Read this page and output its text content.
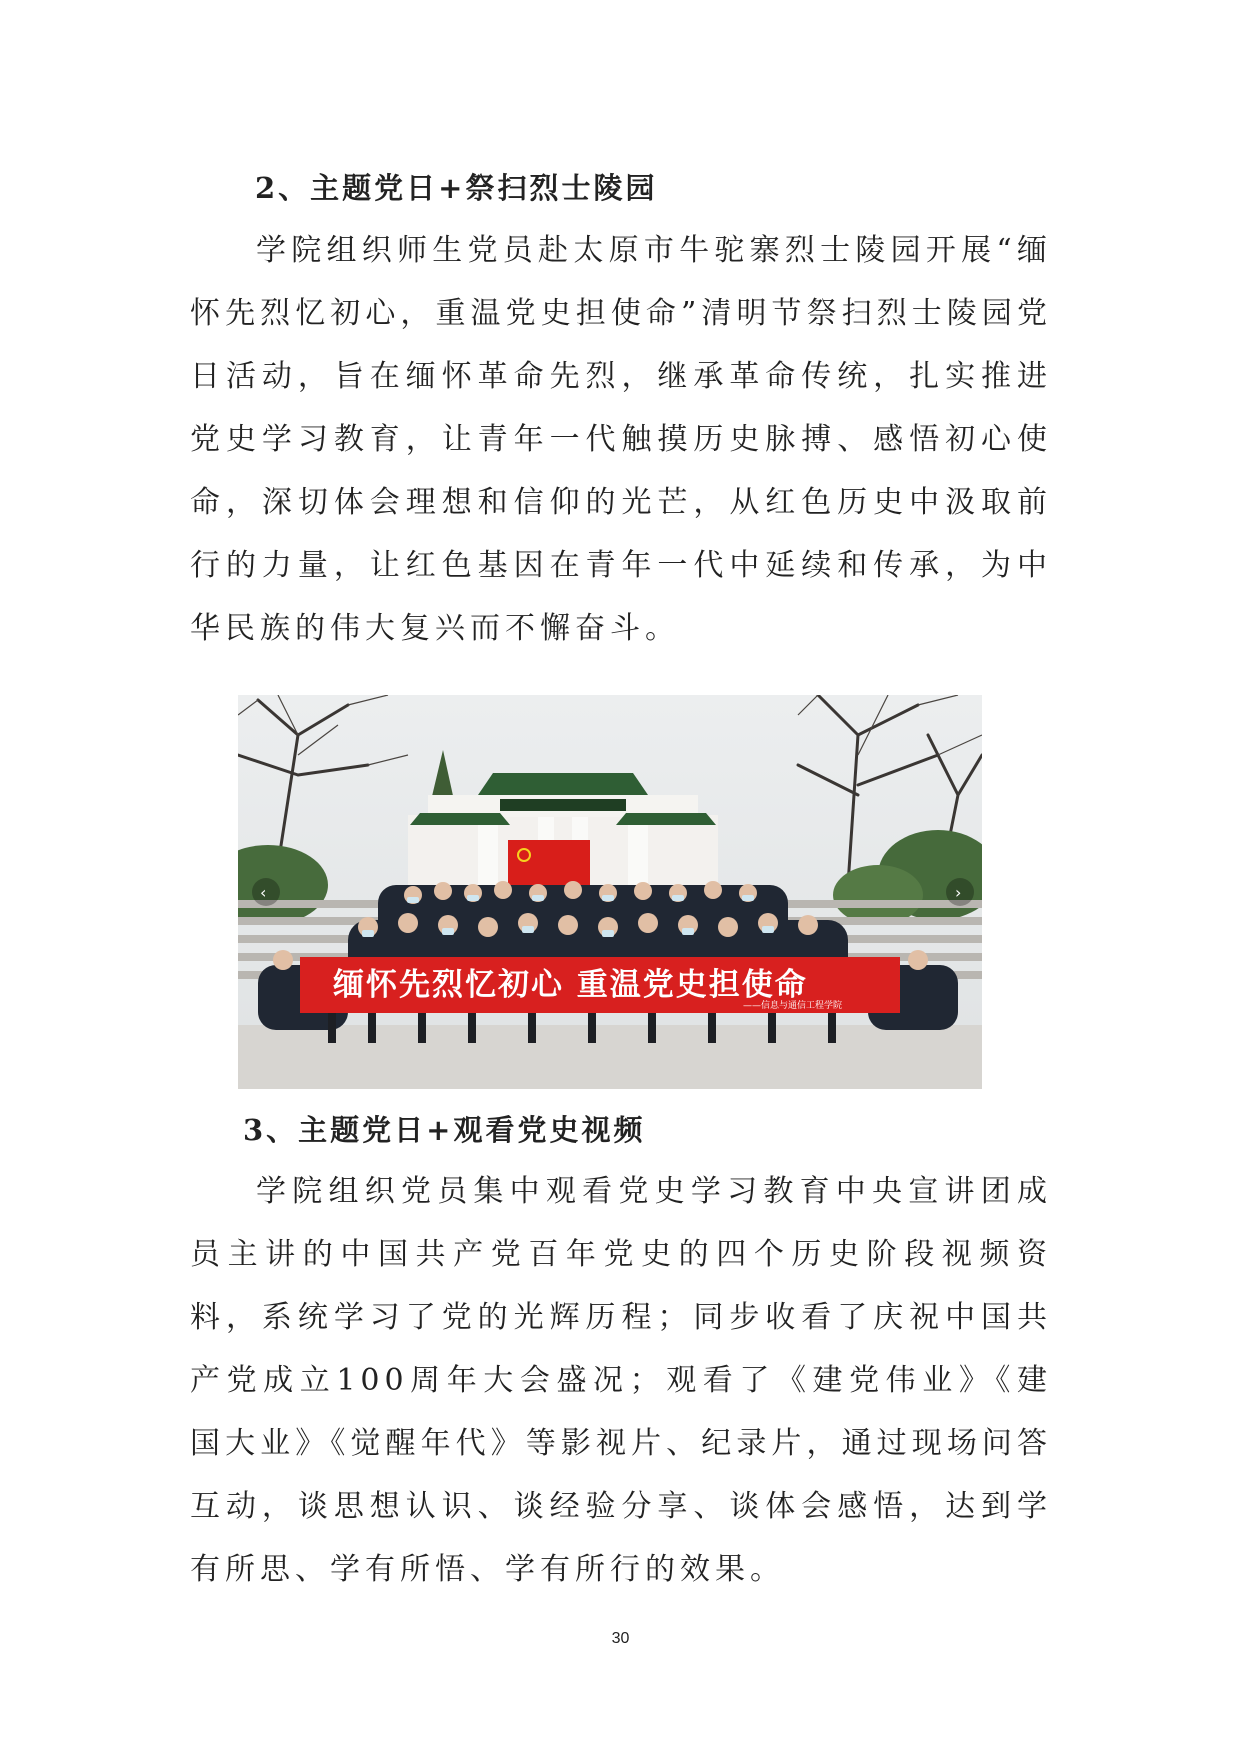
2、主题党日+祭扫烈士陵园

学院组织师生党员赴太原市牛驼寨烈士陵园开展“缅怀先烈忆初心，重温党史担使命”清明节祭扫烈士陵园党日活动，旨在缅怀革命先烈，继承革命传统，扎实推进党史学习教育，让青年一代触摸历史脉搏、感悟初心使命，深切体会理想和信仰的光芒，从红色历史中汲取前行的力量，让红色基因在青年一代中延续和传承，为中华民族的伟大复兴而不懈奋斗。

缅怀先烈忆初心 重温党史担使命
——信息与通信工程学院
‹	›
3、主题党日+观看党史视频

学院组织党员集中观看党史学习教育中央宣讲团成员主讲的中国共产党百年党史的四个历史阶段视频资料，系统学习了党的光辉历程；同步收看了庆祝中国共产党成立100周年大会盛况；观看了《建党伟业》《建国大业》《觉醒年代》等影视片、纪录片，通过现场问答互动，谈思想认识、谈经验分享、谈体会感悟，达到学有所思、学有所悟、学有所行的效果。

30
